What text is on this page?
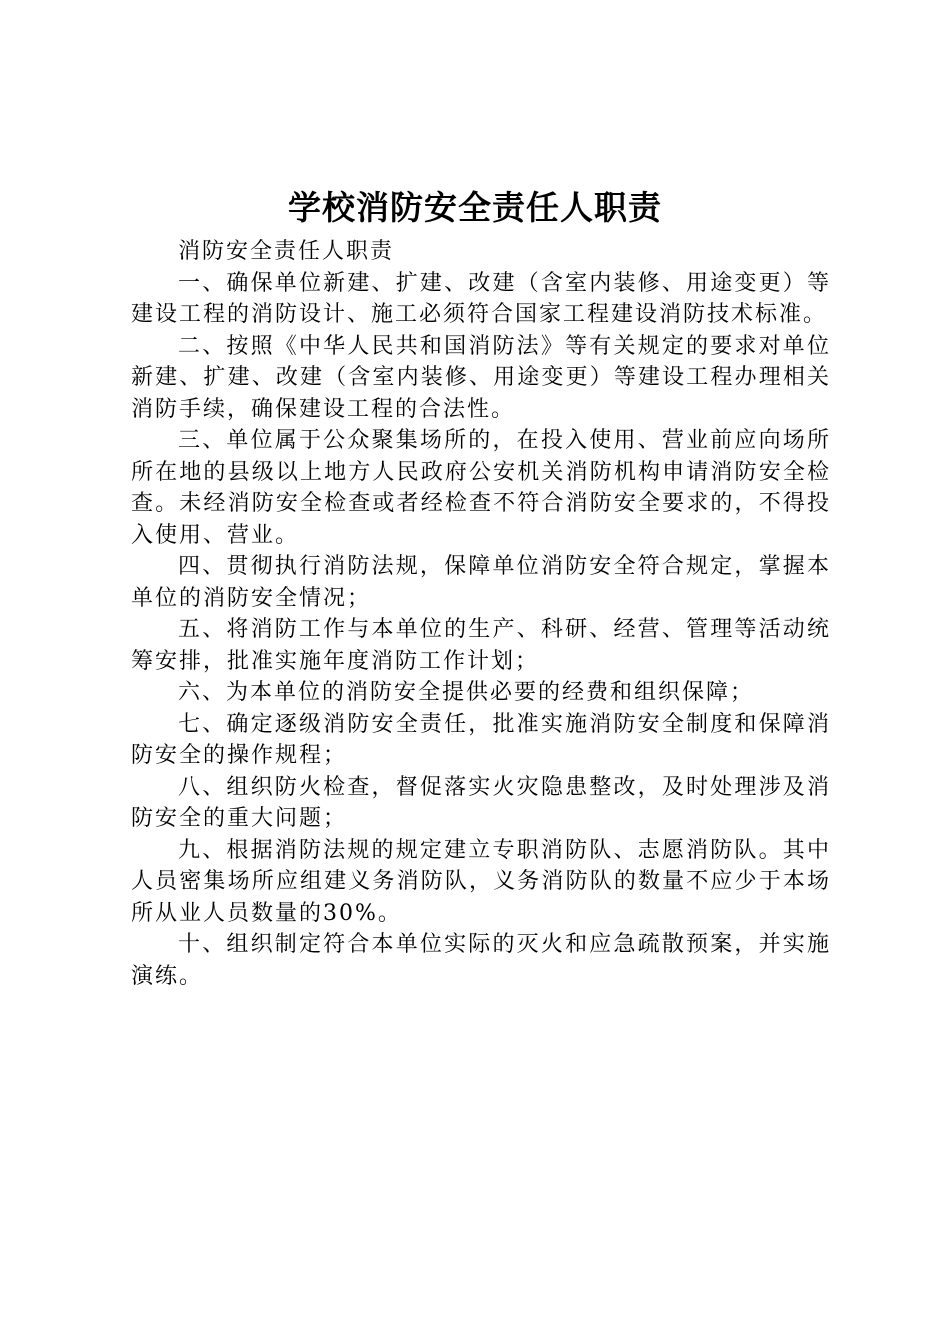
学校消防安全责任人职责

消防安全责任人职责

一、确保单位新建、扩建、改建（含室内装修、用途变更）等建设工程的消防设计、施工必须符合国家工程建设消防技术标准。

二、按照《中华人民共和国消防法》等有关规定的要求对单位新建、扩建、改建（含室内装修、用途变更）等建设工程办理相关消防手续，确保建设工程的合法性。

三、单位属于公众聚集场所的，在投入使用、营业前应向场所所在地的县级以上地方人民政府公安机关消防机构申请消防安全检查。未经消防安全检查或者经检查不符合消防安全要求的，不得投入使用、营业。

四、贯彻执行消防法规，保障单位消防安全符合规定，掌握本单位的消防安全情况；

五、将消防工作与本单位的生产、科研、经营、管理等活动统筹安排，批准实施年度消防工作计划；

六、为本单位的消防安全提供必要的经费和组织保障；

七、确定逐级消防安全责任，批准实施消防安全制度和保障消防安全的操作规程；

八、组织防火检查，督促落实火灾隐患整改，及时处理涉及消防安全的重大问题；

九、根据消防法规的规定建立专职消防队、志愿消防队。其中人员密集场所应组建义务消防队，义务消防队的数量不应少于本场所从业人员数量的30%。

十、组织制定符合本单位实际的灭火和应急疏散预案，并实施演练。
